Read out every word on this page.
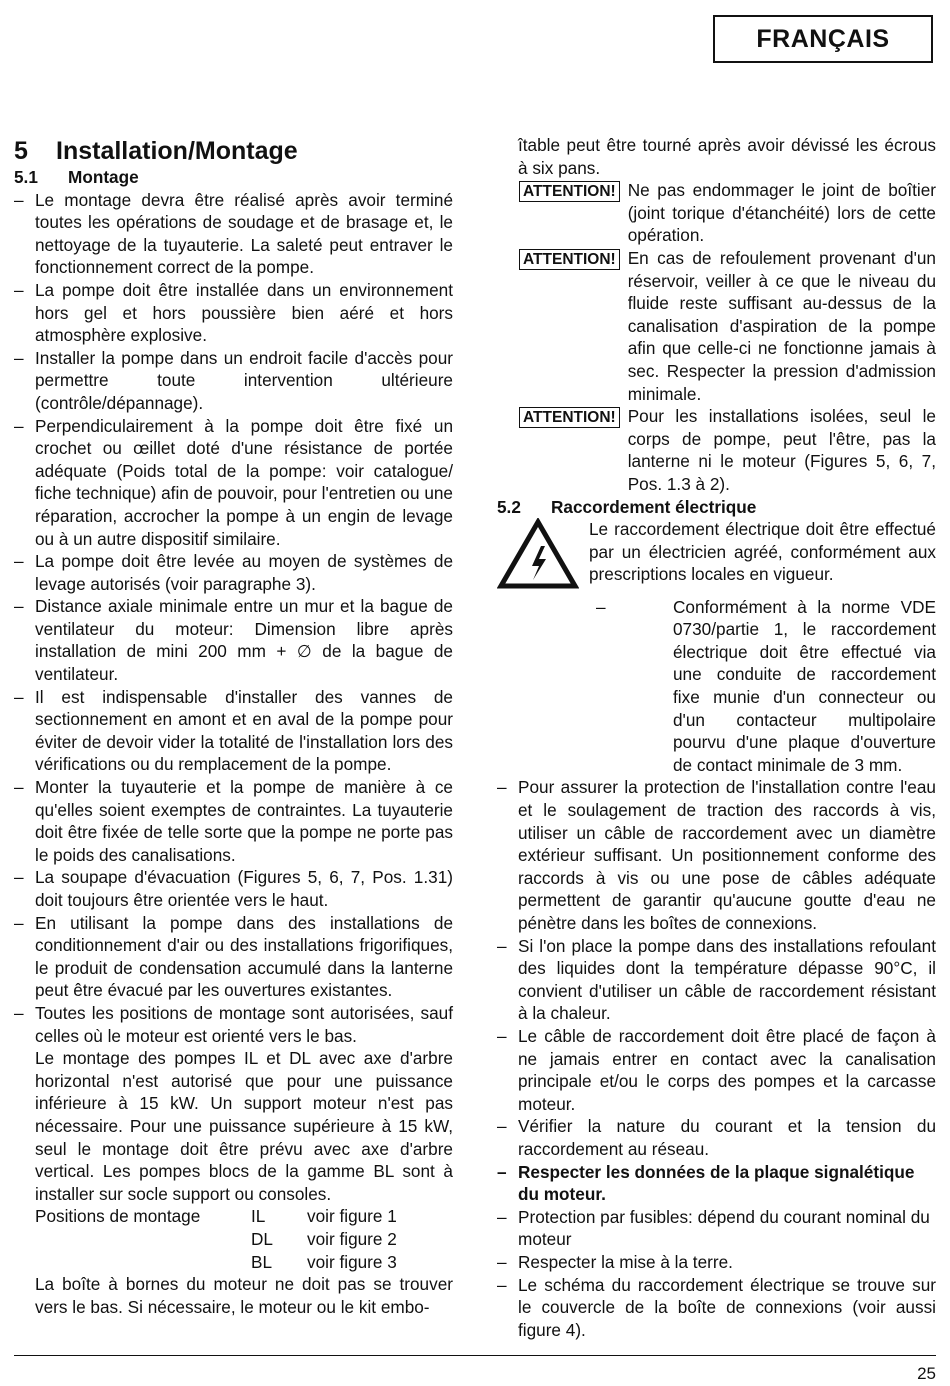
FRANÇAIS
5 Installation/Montage
5.1 Montage
– Le montage devra être réalisé après avoir terminé toutes les opérations de soudage et de brasage et, le nettoyage de la tuyauterie. La saleté peut entraver le fonctionnement correct de la pompe.
– La pompe doit être installée dans un environnement hors gel et hors poussière bien aéré et hors atmosphère explosive.
– Installer la pompe dans un endroit facile d'accès pour permettre toute intervention ultérieure (contrôle/dépannage).
– Perpendiculairement à la pompe doit être fixé un crochet ou œillet doté d'une résistance de portée adéquate (Poids total de la pompe: voir catalogue/ fiche technique) afin de pouvoir, pour l'entretien ou une réparation, accrocher la pompe à un engin de levage ou à un autre dispositif similaire.
– La pompe doit être levée au moyen de systèmes de levage autorisés (voir paragraphe 3).
– Distance axiale minimale entre un mur et la bague de ventilateur du moteur: Dimension libre après installation de mini 200 mm + ∅ de la bague de ventilateur.
– Il est indispensable d'installer des vannes de sectionnement en amont et en aval de la pompe pour éviter de devoir vider la totalité de l'installation lors des vérifications ou du remplacement de la pompe.
– Monter la tuyauterie et la pompe de manière à ce qu'elles soient exemptes de contraintes. La tuyauterie doit être fixée de telle sorte que la pompe ne porte pas le poids des canalisations.
– La soupape d'évacuation (Figures 5, 6, 7, Pos. 1.31) doit toujours être orientée vers le haut.
– En utilisant la pompe dans des installations de conditionnement d'air ou des installations frigorifiques, le produit de condensation accumulé dans la lanterne peut être évacué par les ouvertures existantes.
– Toutes les positions de montage sont autorisées, sauf celles où le moteur est orienté vers le bas.

Le montage des pompes IL et DL avec axe d'arbre horizontal n'est autorisé que pour une puissance inférieure à 15 kW. Un support moteur n'est pas nécessaire. Pour une puissance supérieure à 15 kW, seul le montage doit être prévu avec axe d'arbre vertical. Les pompes blocs de la gamme BL sont à installer sur socle support ou consoles.

Positions de montage	IL	voir figure 1
DL	voir figure 2
BL	voir figure 3

La boîte à bornes du moteur ne doit pas se trouver vers le bas. Si nécessaire, le moteur ou le kit embo-

îtable peut être tourné après avoir dévissé les écrous à six pans.

ATTENTION! Ne pas endommager le joint de boîtier (joint torique d'étanchéité) lors de cette opération.
ATTENTION! En cas de refoulement provenant d'un réservoir, veiller à ce que le niveau du fluide reste suffisant au-dessus de la canalisation d'aspiration de la pompe afin que celle-ci ne fonctionne jamais à sec. Respecter la pression d'admission minimale.
ATTENTION! Pour les installations isolées, seul le corps de pompe, peut l'être, pas la lanterne ni le moteur (Figures 5, 6, 7, Pos. 1.3 à 2).
5.2 Raccordement électrique
Le raccordement électrique doit être effectué par un électricien agréé, conformément aux prescriptions locales en vigueur.
–	Conformément à la norme VDE 0730/partie 1, le raccordement électrique doit être effectué via une conduite de raccordement fixe munie d'un connecteur ou d'un contacteur multipolaire pourvu d'une plaque d'ouverture de contact minimale de 3 mm.
– Pour assurer la protection de l'installation contre l'eau et le soulagement de traction des raccords à vis, utiliser un câble de raccordement avec un diamètre extérieur suffisant. Un positionnement conforme des raccords à vis ou une pose de câbles adéquate permettent de garantir qu'aucune goutte d'eau ne pénètre dans les boîtes de connexions.
– Si l'on place la pompe dans des installations refoulant des liquides dont la température dépasse 90°C, il convient d'utiliser un câble de raccordement résistant à la chaleur.
– Le câble de raccordement doit être placé de façon à ne jamais entrer en contact avec la canalisation principale et/ou le corps des pompes et la carcasse moteur.
– Vérifier la nature du courant et la tension du raccordement au réseau.
– Respecter les données de la plaque signalétique du moteur.
– Protection par fusibles: dépend du courant nominal du moteur
– Respecter la mise à la terre.
– Le schéma du raccordement électrique se trouve sur le couvercle de la boîte de connexions (voir aussi figure 4).
25
